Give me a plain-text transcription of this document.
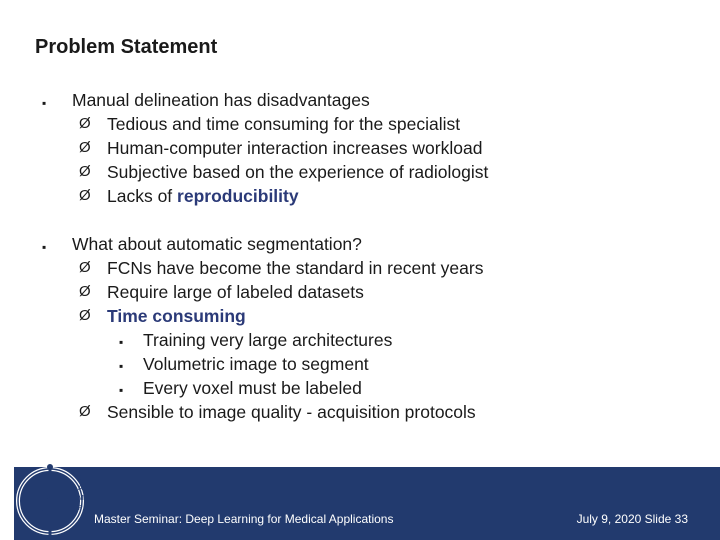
Problem Statement
▪ Manual delineation has disadvantages
Ø Tedious and time consuming for the specialist
Ø Human-computer interaction increases workload
Ø Subjective based on the experience of radiologist
Ø Lacks of reproducibility
▪ What about automatic segmentation?
Ø FCNs have become the standard in recent years
Ø Require large of labeled datasets
Ø Time consuming
▪ Training very large architectures
▪ Volumetric image to segment
▪ Every voxel must be labeled
Ø Sensible to image quality - acquisition protocols
Master Seminar: Deep Learning for Medical Applications	July 9, 2020 Slide 33
C
A
M
P
